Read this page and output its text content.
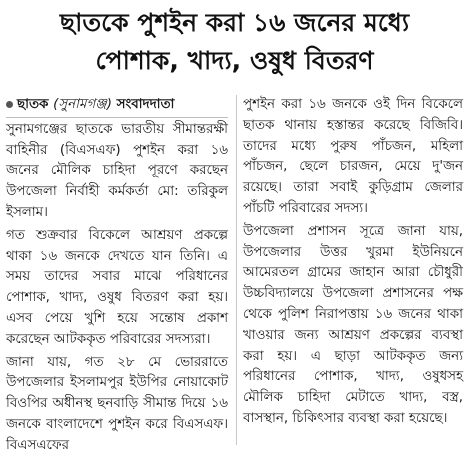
ছাতকে পুশইন করা ১৬ জনের মধ্যে
পোশাক, খাদ্য, ওষুধ বিতরণ
ছাতক (সুনামগঞ্জ) সংবাদদাতা

সুনামগঞ্জের ছাতকে ভারতীয় সীমান্তরক্ষী বাহিনীর (বিএসএফ) পুশইন করা ১৬ জনের মৌলিক চাহিদা পূরণে করছেন উপজেলা নির্বাহী কর্মকর্তা মো: তরিকুল ইসলাম।

গত শুক্রবার বিকেলে আশ্রয়ণ প্রকল্পে থাকা ১৬ জনকে দেখতে যান তিনি। এ সময় তাদের সবার মাঝে পরিধানের পোশাক, খাদ্য, ওষুধ বিতরণ করা হয়। এসব পেয়ে খুশি হয়ে সন্তোষ প্রকাশ করেছেন আটককৃত পরিবারের সদস্যরা।

জানা যায়, গত ২৮ মে ভোররাতে উপজেলার ইসলামপুর ইউপির নোয়াকোট বিওপির অধীনস্থ ছনবাড়ি সীমান্ত দিয়ে ১৬ জনকে বাংলাদেশে পুশইন করে বিএসএফ। বিএসএফের

পুশইন করা ১৬ জনকে ওই দিন বিকেলে ছাতক থানায় হস্তান্তর করেছে বিজিবি। তাদের মধ্যে পুরুষ পাঁচজন, মহিলা পাঁচজন, ছেলে চারজন, মেয়ে দু'জন রয়েছে। তারা সবাই কুড়িগ্রাম জেলার পাঁচটি পরিবারের সদস্য।

উপজেলা প্রশাসন সূত্রে জানা যায়, উপজেলার উত্তর খুরমা ইউনিয়নে আমেরতল গ্রামের জাহান আরা চৌধুরী উচ্চবিদ্যালয়ে উপজেলা প্রশাসনের পক্ষ থেকে পুলিশ নিরাপত্তায় ১৬ জনের থাকা খাওয়ার জন্য আশ্রয়ণ প্রকল্পের ব্যবস্থা করা হয়। এ ছাড়া আটককৃত জন্য পরিধানের পোশাক, খাদ্য, ওষুধসহ মৌলিক চাহিদা মেটাতে খাদ্য, বস্ত্র, বাসস্থান, চিকিৎসার ব্যবস্থা করা হয়েছে।
